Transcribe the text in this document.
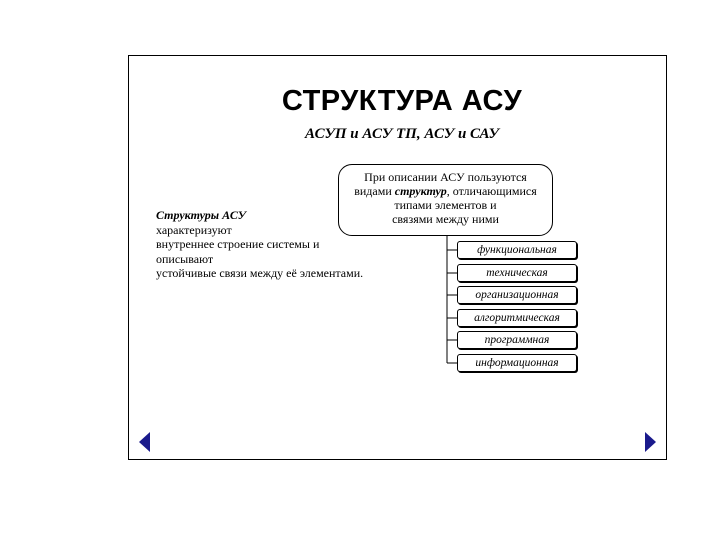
СТРУКТУРА АСУ
АСУП и АСУ ТП, АСУ и САУ
Структуры АСУ
характеризуют
внутреннее строение системы и
описывают
устойчивые связи между её элементами.
При описании АСУ пользуются
видами структур, отличающимися
типами элементов и
связями между ними
функциональная
техническая
организационная
алгоритмическая
программная
информационная
